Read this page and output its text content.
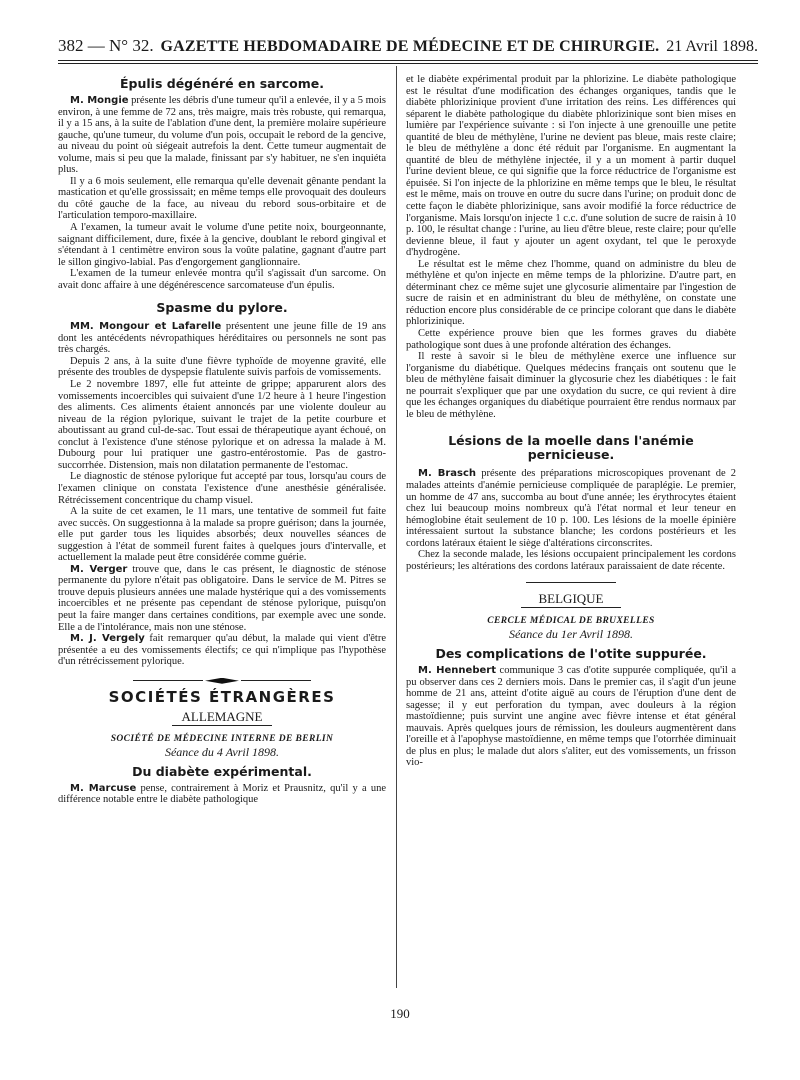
382 — N° 32. GAZETTE HEBDOMADAIRE DE MÉDECINE ET DE CHIRURGIE. 21 Avril 1898.
Épulis dégénéré en sarcome.

M. Mongie présente les débris d'une tumeur qu'il a enlevée, il y a 5 mois environ, à une femme de 72 ans, très maigre, mais très robuste, qui remarqua, il y a 15 ans, à la suite de l'ablation d'une dent, la première molaire supérieure gauche, qu'une tumeur, du volume d'un pois, occupait le rebord de la gencive, au niveau du point où siégeait autrefois la dent. Cette tumeur augmentait de volume, mais si peu que la malade, finissant par s'y habituer, ne s'en inquiéta plus.

Il y a 6 mois seulement, elle remarqua qu'elle devenait gênante pendant la mastication et qu'elle grossissait; en même temps elle provoquait des douleurs du côté gauche de la face, au niveau du rebord sous-orbitaire et de l'articulation temporo-maxillaire.

A l'examen, la tumeur avait le volume d'une petite noix, bourgeonnante, saignant difficilement, dure, fixée à la gencive, doublant le rebord gingival et s'étendant à 1 centimètre environ sous la voûte palatine, gagnant d'autre part le sillon gingivo-labial. Pas d'engorgement ganglionnaire.

L'examen de la tumeur enlevée montra qu'il s'agissait d'un sarcome. On avait donc affaire à une dégénérescence sarcomateuse d'un épulis.

Spasme du pylore.

MM. Mongour et Lafarelle présentent une jeune fille de 19 ans dont les antécédents névropathiques héréditaires ou personnels ne sont pas très chargés.

Depuis 2 ans, à la suite d'une fièvre typhoïde de moyenne gravité, elle présente des troubles de dyspepsie flatulente suivis parfois de vomissements.

Le 2 novembre 1897, elle fut atteinte de grippe; apparurent alors des vomissements incoercibles qui suivaient d'une 1/2 heure à 1 heure l'ingestion des aliments. Ces aliments étaient annoncés par une violente douleur au niveau de la région pylorique, suivant le trajet de la petite courbure et aboutissant au grand cul-de-sac. Tout essai de thérapeutique ayant échoué, on conclut à l'existence d'une sténose pylorique et on adressa la malade à M. Dubourg pour lui pratiquer une gastro-entérostomie. Pas de gastro-succorrhée. Distension, mais non dilatation permanente de l'estomac.

Le diagnostic de sténose pylorique fut accepté par tous, lorsqu'au cours de l'examen clinique on constata l'existence d'une anesthésie généralisée. Rétrécissement concentrique du champ visuel.

A la suite de cet examen, le 11 mars, une tentative de sommeil fut faite avec succès. On suggestionna à la malade sa propre guérison; dans la journée, elle put garder tous les liquides absorbés; deux nouvelles séances de suggestion à l'état de sommeil furent faites à quelques jours d'intervalle, et actuellement la malade peut être considérée comme guérie.

M. Verger trouve que, dans le cas présent, le diagnostic de sténose permanente du pylore n'était pas obligatoire. Dans le service de M. Pitres se trouve depuis plusieurs années une malade hystérique qui a des vomissements incoercibles et ne présente pas cependant de sténose pylorique, puisqu'on peut la faire manger dans certaines conditions, par exemple avec une sonde. Elle a de l'intolérance, mais non une sténose.

M. J. Vergely fait remarquer qu'au début, la malade qui vient d'être présentée a eu des vomissements électifs; ce qui n'implique pas l'hypothèse d'un rétrécissement pylorique.

SOCIÉTÉS ÉTRANGÈRES
ALLEMAGNE
SOCIÉTÉ DE MÉDECINE INTERNE DE BERLIN
Séance du 4 Avril 1898.
Du diabète expérimental.

M. Marcuse pense, contrairement à Moriz et Prausnitz, qu'il y a une différence notable entre le diabète pathologique

et le diabète expérimental produit par la phlorizine. Le diabète pathologique est le résultat d'une modification des échanges organiques, tandis que le diabète phlorizinique provient d'une irritation des reins. Les différences qui séparent le diabète pathologique du diabète phlorizinique sont bien mises en lumière par l'expérience suivante : si l'on injecte à une grenouille une petite quantité de bleu de méthylène, l'urine ne devient pas bleue, mais reste claire; le bleu de méthylène a donc été réduit par l'organisme. En augmentant la quantité de bleu de méthylène injectée, il y a un moment à partir duquel l'urine devient bleue, ce qui signifie que la force réductrice de l'organisme est épuisée. Si l'on injecte de la phlorizine en même temps que le bleu, le résultat est le même, mais on trouve en outre du sucre dans l'urine; on produit donc de cette façon le diabète phlorizinique, sans avoir modifié la force réductrice de l'organisme. Mais lorsqu'on injecte 1 c.c. d'une solution de sucre de raisin à 10 p. 100, le résultat change : l'urine, au lieu d'être bleue, reste claire; pour qu'elle devienne bleue, il faut y ajouter un agent oxydant, tel que le peroxyde d'hydrogène.

Le résultat est le même chez l'homme, quand on administre du bleu de méthylène et qu'on injecte en même temps de la phlorizine. D'autre part, en déterminant chez ce même sujet une glycosurie alimentaire par l'ingestion de sucre de raisin et en administrant du bleu de méthylène, on constate une réduction encore plus considérable de ce principe colorant que dans le diabète phlorizinique.

Cette expérience prouve bien que les formes graves du diabète pathologique sont dues à une profonde altération des échanges.

Il reste à savoir si le bleu de méthylène exerce une influence sur l'organisme du diabétique. Quelques médecins français ont soutenu que le bleu de méthylène faisait diminuer la glycosurie chez les diabétiques : le fait ne pourrait s'expliquer que par une oxydation du sucre, ce qui revient à dire que les échanges organiques du diabétique pourraient être rendus normaux par le bleu de méthylène.

Lésions de la moelle dans l'anémie pernicieuse.

M. Brasch présente des préparations microscopiques provenant de 2 malades atteints d'anémie pernicieuse compliquée de paraplégie. Le premier, un homme de 47 ans, succomba au bout d'une année; les érythrocytes étaient chez lui beaucoup moins nombreux qu'à l'état normal et leur teneur en hémoglobine était seulement de 10 p. 100. Les lésions de la moelle épinière intéressaient surtout la substance blanche; les cordons postérieurs et les cordons latéraux étaient le siège d'altérations circonscrites.

Chez la seconde malade, les lésions occupaient principalement les cordons postérieurs; les altérations des cordons latéraux paraissaient de date récente.

BELGIQUE
CERCLE MÉDICAL DE BRUXELLES
Séance du 1er Avril 1898.
Des complications de l'otite suppurée.

M. Hennebert communique 3 cas d'otite suppurée compliquée, qu'il a pu observer dans ces 2 derniers mois. Dans le premier cas, il s'agit d'un jeune homme de 21 ans, atteint d'otite aiguë au cours de l'éruption d'une dent de sagesse; il y eut perforation du tympan, avec douleurs à la région mastoïdienne; puis survint une angine avec fièvre intense et état général mauvais. Après quelques jours de rémission, les douleurs augmentèrent dans l'oreille et à l'apophyse mastoïdienne, en même temps que l'otorrhée diminuait de plus en plus; le malade dut alors s'aliter, eut des vomissements, un frisson vio-

190
